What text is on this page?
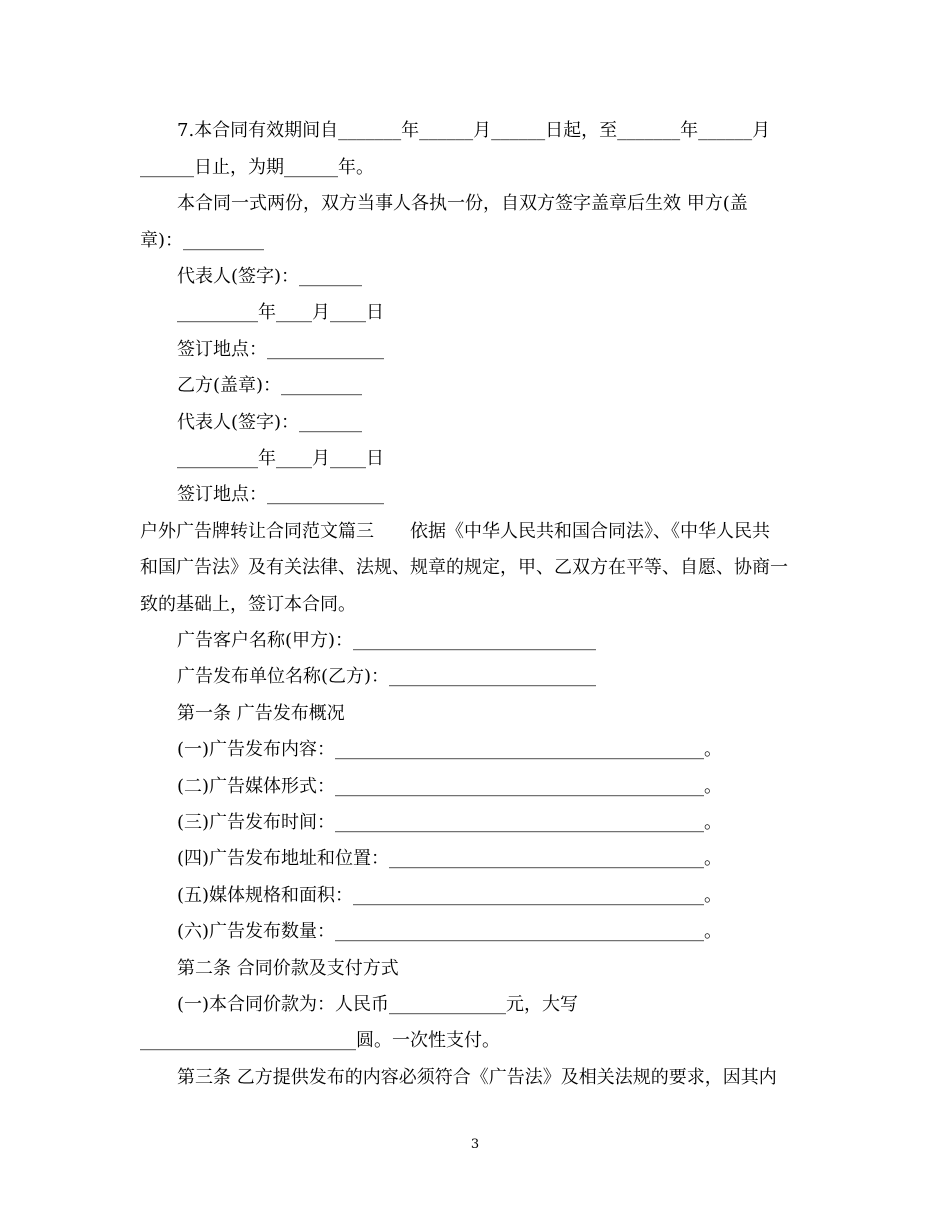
7.本合同有效期间自_______年______月______日起，至_______年______月
______日止，为期______年。
本合同一式两份，双方当事人各执一份，自双方签字盖章后生效 甲方(盖
章)：_________
代表人(签字)：_______
_________年____月____日
签订地点：_____________
乙方(盖章)：_________
代表人(签字)：_______
_________年____月____日
签订地点：_____________
户外广告牌转让合同范文篇三　　依据《中华人民共和国合同法》、《中华人民共
和国广告法》及有关法律、法规、规章的规定，甲、乙双方在平等、自愿、协商一
致的基础上，签订本合同。
广告客户名称(甲方)：___________________________
广告发布单位名称(乙方)：_______________________
第一条 广告发布概况
(一)广告发布内容：_________________________________________。
(二)广告媒体形式：_________________________________________。
(三)广告发布时间：_________________________________________。
(四)广告发布地址和位置：___________________________________。
(五)媒体规格和面积：_______________________________________。
(六)广告发布数量：_________________________________________。
第二条 合同价款及支付方式
(一)本合同价款为：人民币_____________元，大写
________________________圆。一次性支付。
第三条 乙方提供发布的内容必须符合《广告法》及相关法规的要求，因其内
3
